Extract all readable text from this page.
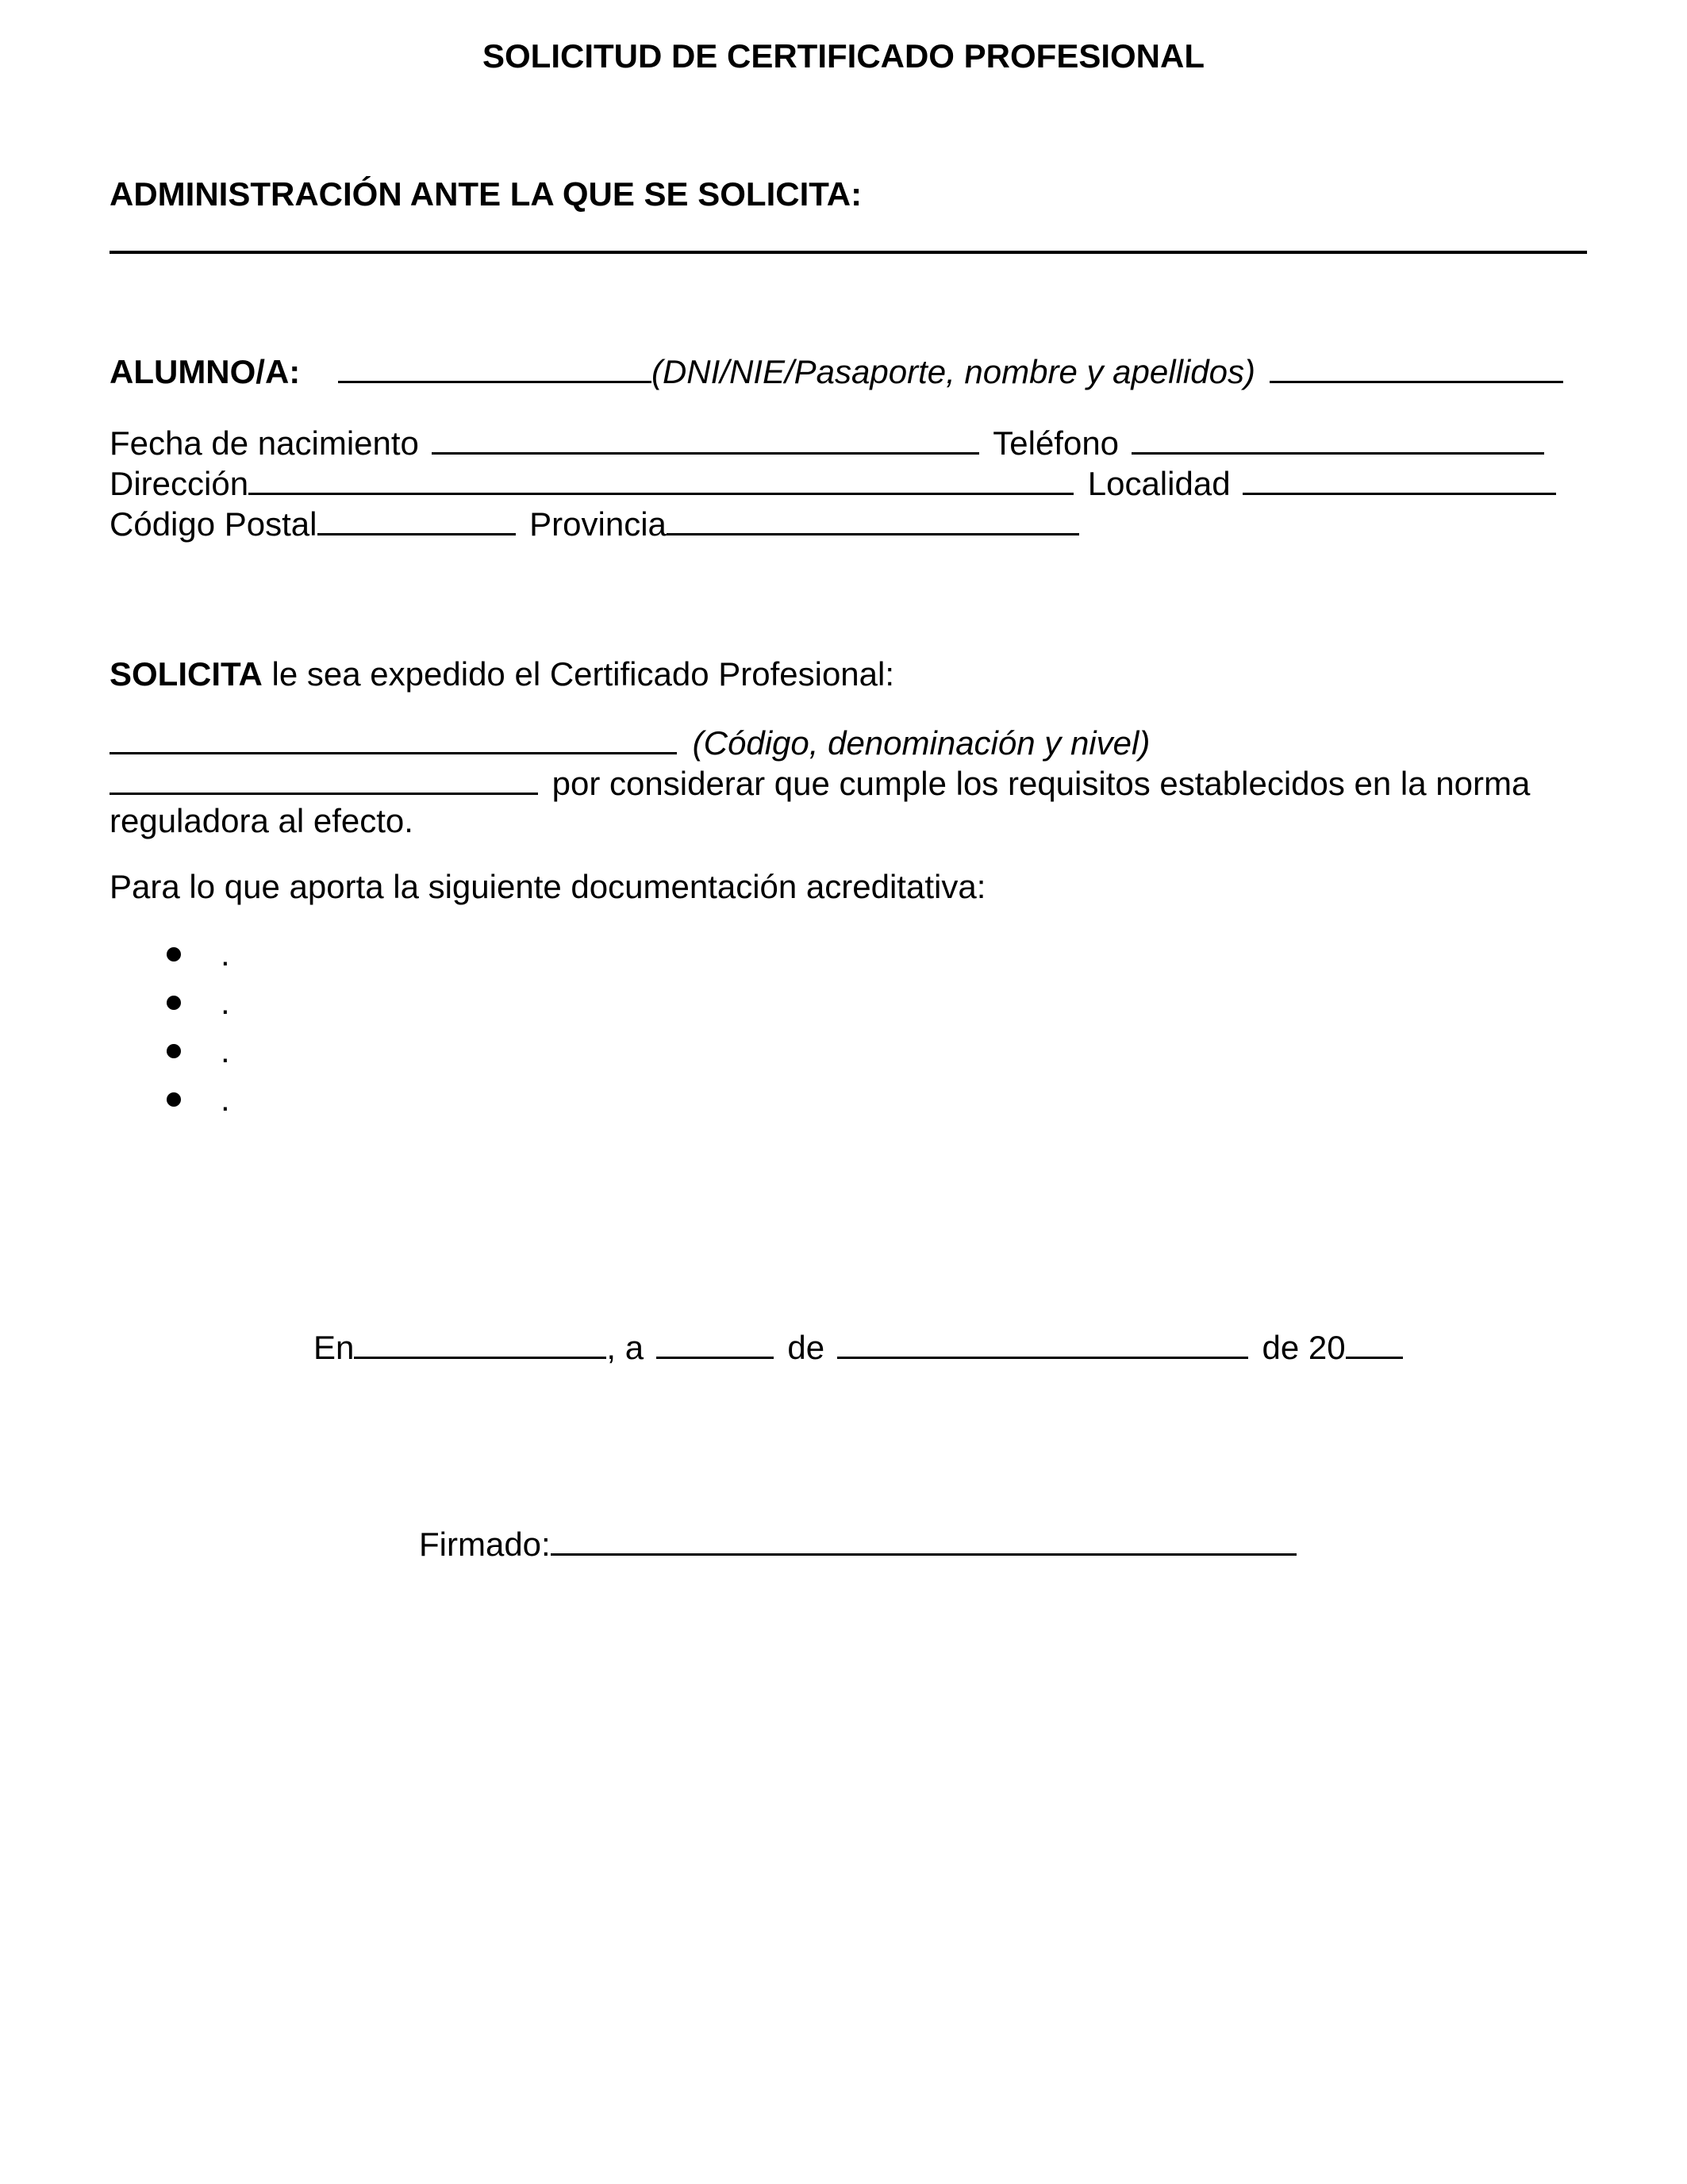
SOLICITUD DE CERTIFICADO PROFESIONAL
ADMINISTRACIÓN ANTE LA QUE SE SOLICITA:
ALUMNO/A:	(DNI/NIE/Pasaporte, nombre y apellidos)
Fecha de nacimiento	Teléfono
Dirección	Localidad
Código Postal	Provincia
SOLICITA le sea expedido el Certificado Profesional:
(Código, denominación y nivel)
por considerar que cumple los requisitos establecidos en la norma
reguladora al efecto.
Para lo que aporta la siguiente documentación acreditativa:
.
.
.
.
En	, a	de	de 20
Firmado:
